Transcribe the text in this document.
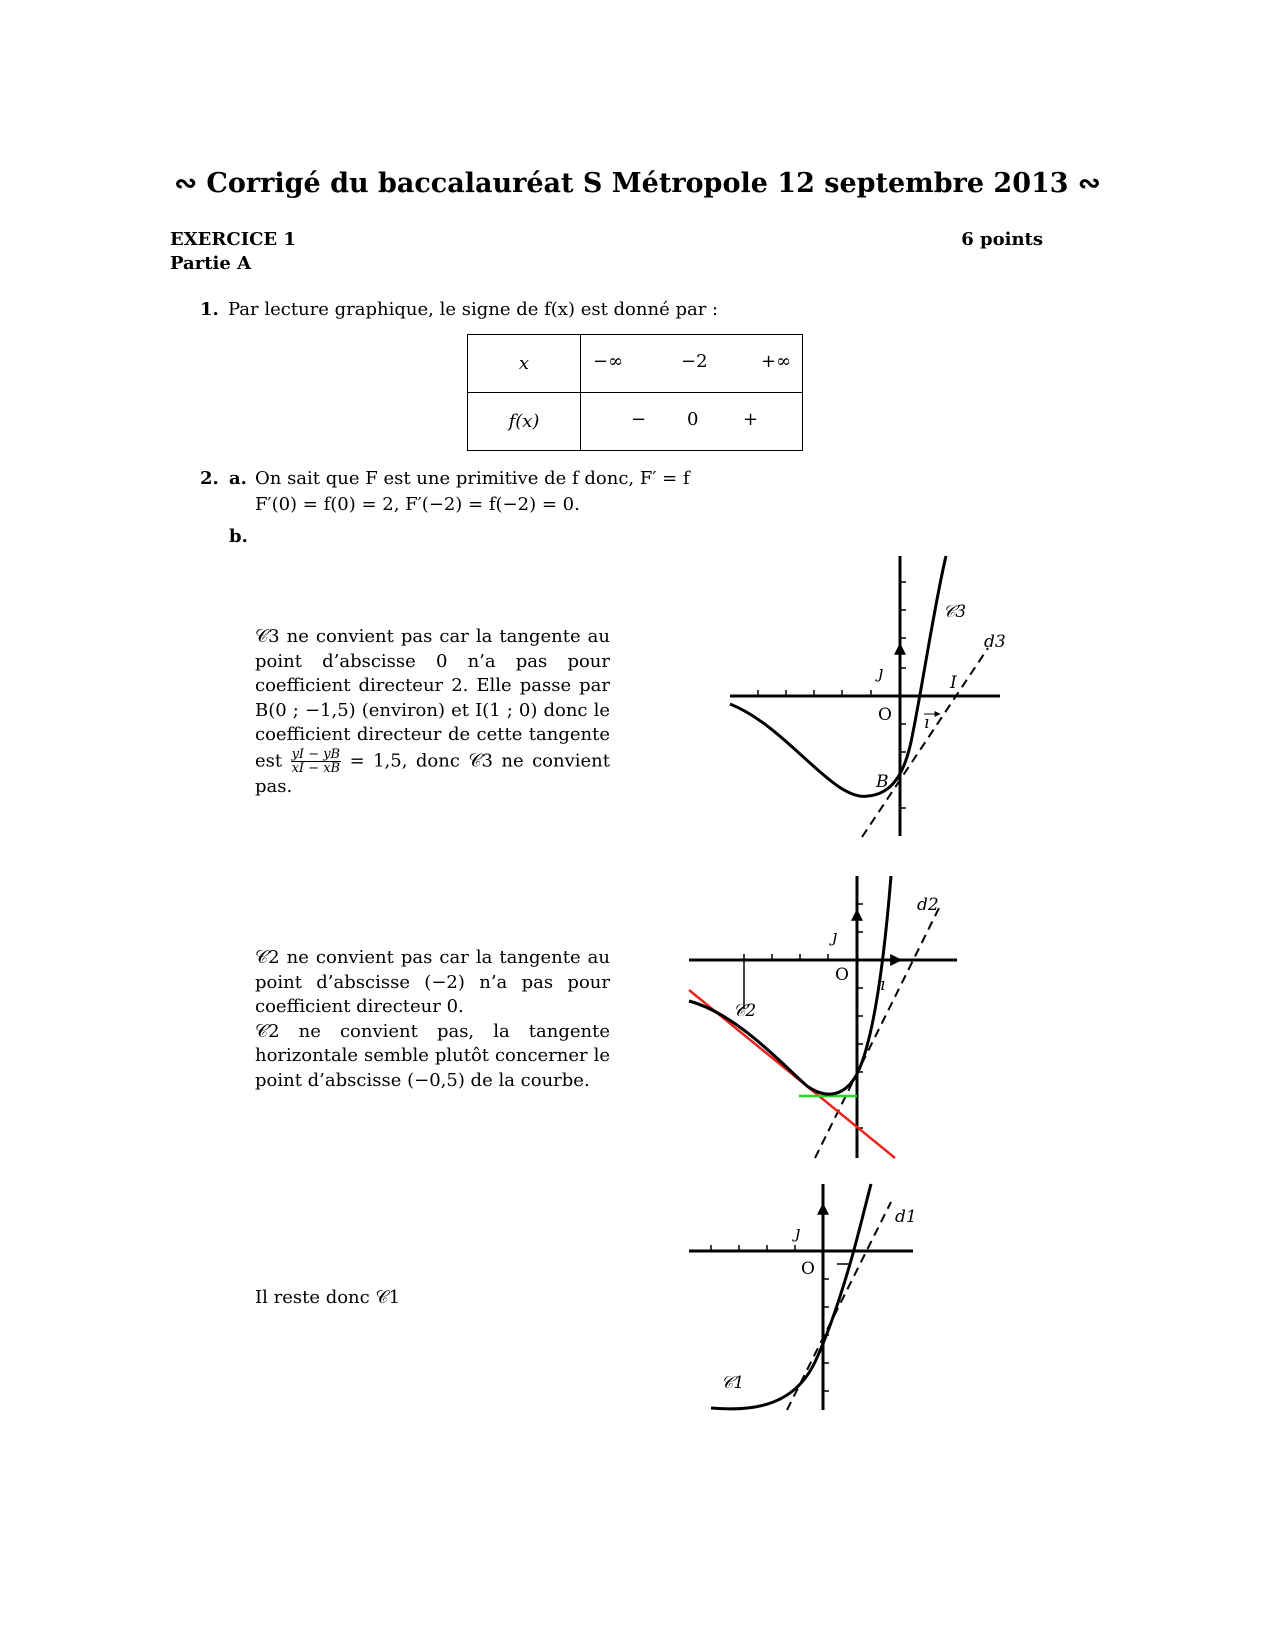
∾ Corrigé du baccalauréat S Métropole 12 septembre 2013 ∾
EXERCICE 1	6 points
Partie A
1. Par lecture graphique, le signe de f(x) est donné par :
x	−∞ −2 +∞

f(x)	− 0 +
2. a. On sait que F est une primitive de f donc, F′ = f
F′(0) = f(0) = 2, F′(−2) = f(−2) = 0.
b.
𝒞3 ne convient pas car la tangente au point d’abscisse 0 n’a pas pour coefficient directeur 2. Elle passe par B(0 ; −1,5) (environ) et I(1 ; 0) donc le coefficient directeur de cette tangente est $\frac{yI - yB}{xI - xB} = 1,5$, donc 𝒞3 ne convient pas.
𝒞2 ne convient pas car la tangente au point d’abscisse (−2) n’a pas pour coefficient directeur 0.
𝒞2 ne convient pas, la tangente horizontale semble plutôt concerner le point d’abscisse (−0,5) de la courbe.
Il reste donc 𝒞1
O
ȷ
ı
I
B
𝒞3
d3
O
ȷ
ı
𝒞2
d2
O
ȷ
𝒞1
d1
